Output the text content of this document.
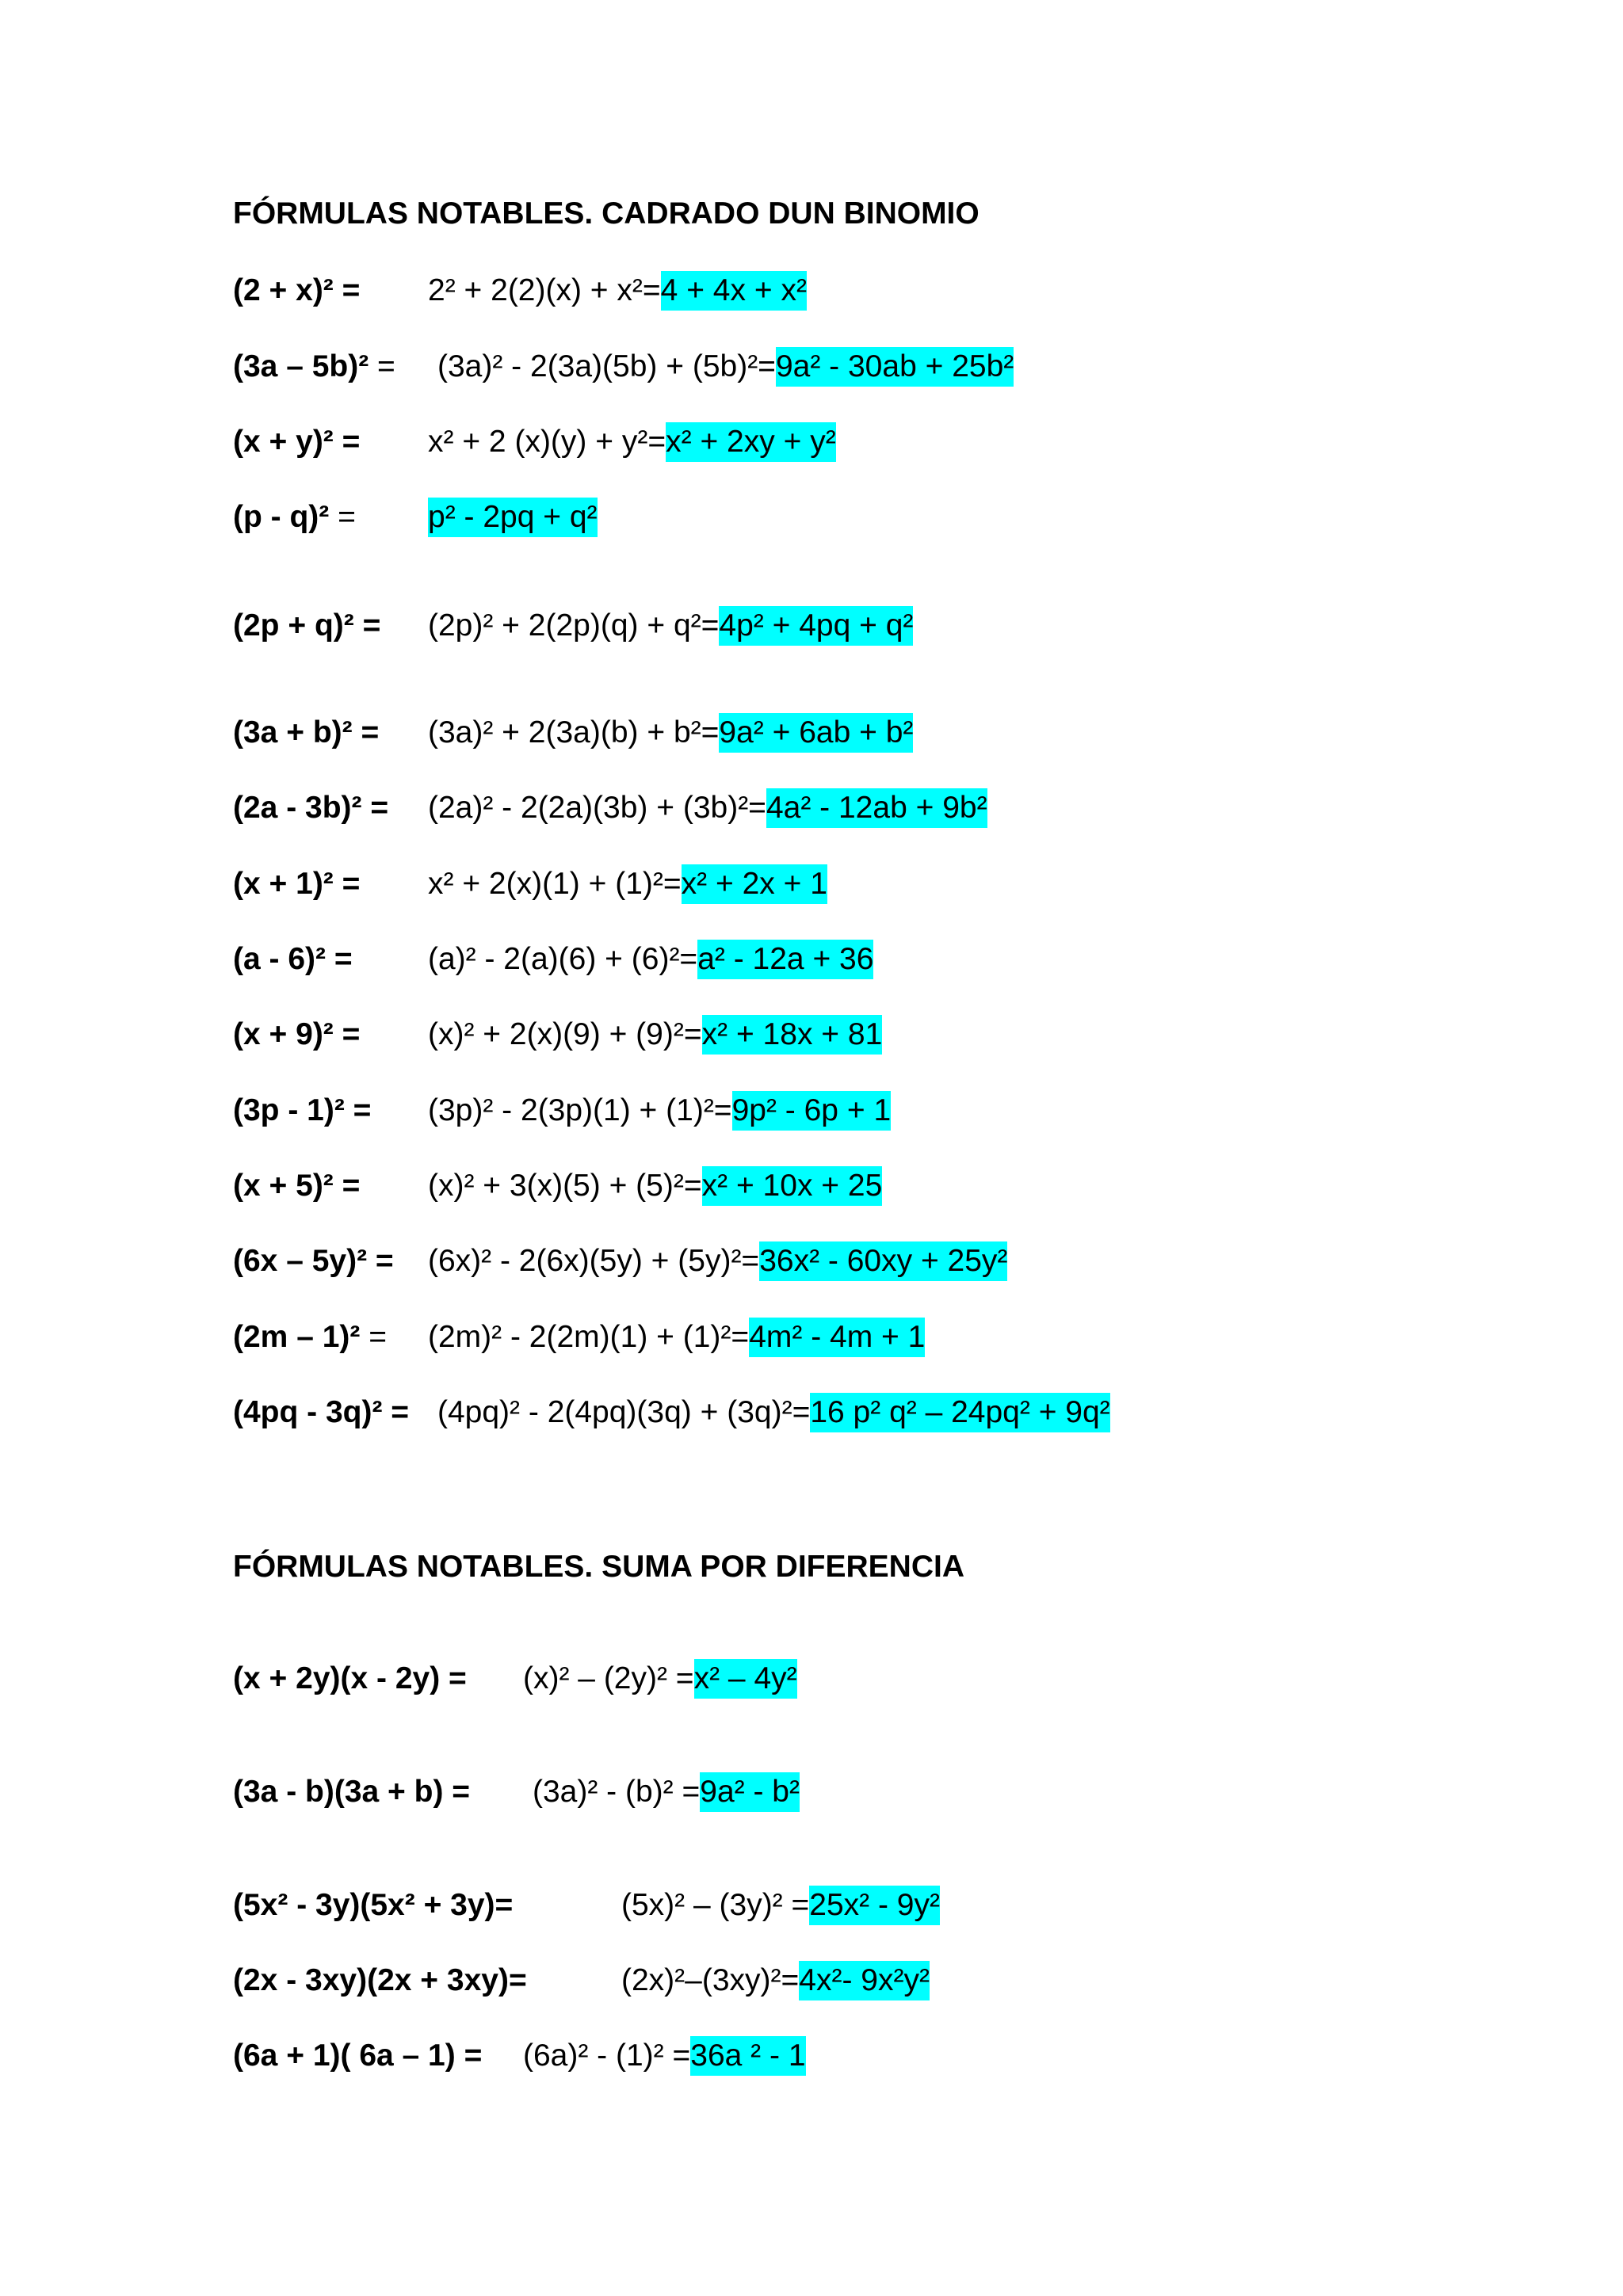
FÓRMULAS NOTABLES. CADRADO DUN BINOMIO
(2 + x)² = 2² + 2(2)(x) + x²=4 + 4x + x²
(3a – 5b)² = (3a)² - 2(3a)(5b) + (5b)²=9a² - 30ab + 25b²
(x + y)² = x² + 2 (x)(y) + y²=x² + 2xy + y²
(p - q)² = p² - 2pq + q²
(2p + q)² = (2p)² + 2(2p)(q) + q²=4p² + 4pq + q²
(3a + b)² = (3a)² + 2(3a)(b) + b²=9a² + 6ab + b²
(2a - 3b)² = (2a)² - 2(2a)(3b) + (3b)²=4a² - 12ab + 9b²
(x + 1)² = x² + 2(x)(1) + (1)²=x² + 2x + 1
(a - 6)² = (a)² - 2(a)(6) + (6)²=a² - 12a + 36
(x + 9)² = (x)² + 2(x)(9) + (9)²=x² + 18x + 81
(3p - 1)² = (3p)² - 2(3p)(1) + (1)²=9p² - 6p + 1
(x + 5)² = (x)² + 3(x)(5) + (5)²=x² + 10x + 25
(6x – 5y)² = (6x)² - 2(6x)(5y) + (5y)²=36x² - 60xy + 25y²
(2m – 1)² = (2m)² - 2(2m)(1) + (1)²=4m² - 4m + 1
(4pq - 3q)² = (4pq)² - 2(4pq)(3q) + (3q)²=16 p² q² – 24pq² + 9q²
FÓRMULAS NOTABLES. SUMA POR DIFERENCIA
(x + 2y)(x - 2y) = (x)² – (2y)² =x² – 4y²
(3a - b)(3a + b) = (3a)² - (b)² =9a² - b²
(5x² - 3y)(5x² + 3y)=	(5x)² – (3y)² =25x² - 9y²
(2x - 3xy)(2x + 3xy)=	(2x)²–(3xy)²=4x²- 9x²y²
(6a + 1)( 6a – 1) = (6a)² - (1)² =36a ² - 1
